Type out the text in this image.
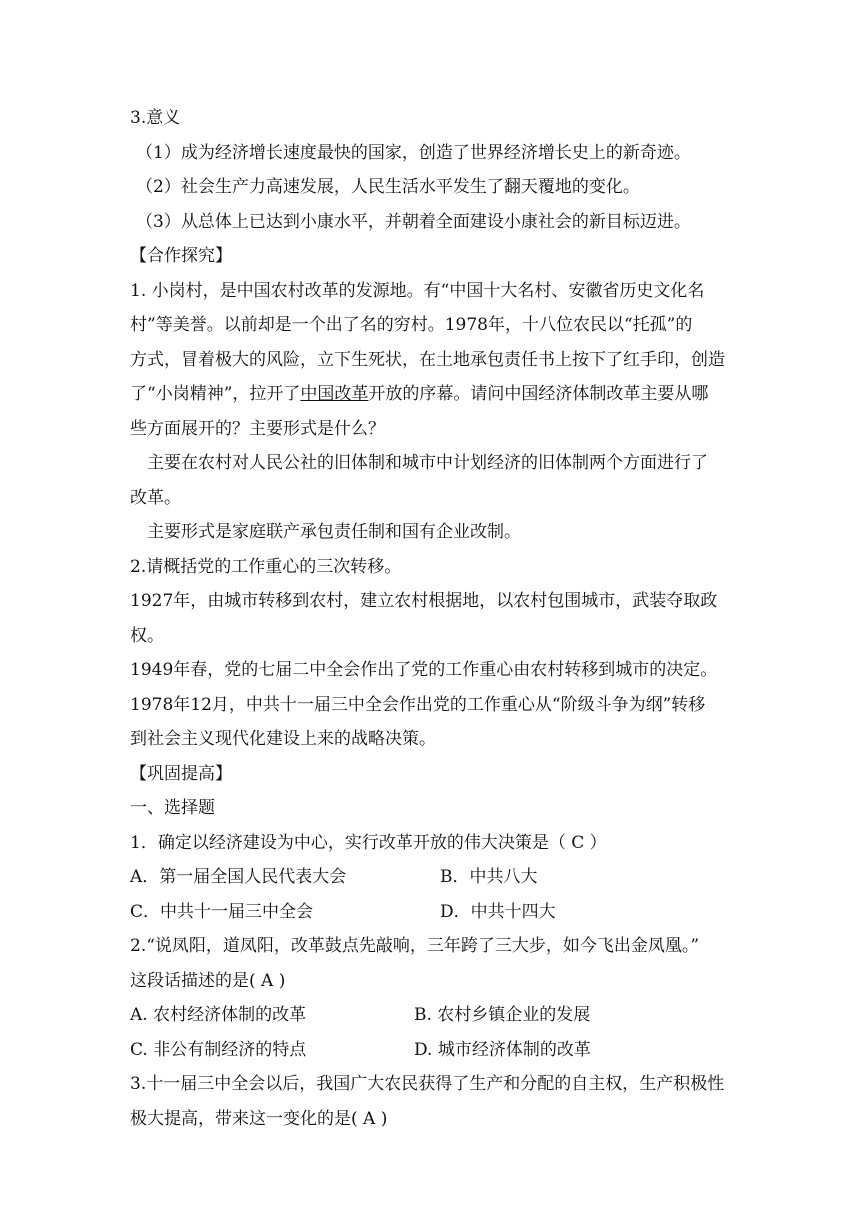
3.意义

（1）成为经济增长速度最快的国家，创造了世界经济增长史上的新奇迹。

（2）社会生产力高速发展，人民生活水平发生了翻天覆地的变化。

（3）从总体上已达到小康水平，并朝着全面建设小康社会的新目标迈进。

【合作探究】

1. 小岗村，是中国农村改革的发源地。有“中国十大名村、安徽省历史文化名

村”等美誉。以前却是一个出了名的穷村。1978年，十八位农民以“托孤”的

方式，冒着极大的风险，立下生死状，在土地承包责任书上按下了红手印，创造

了“小岗精神”，拉开了中国改革开放的序幕。请问中国经济体制改革主要从哪

些方面展开的？主要形式是什么？

主要在农村对人民公社的旧体制和城市中计划经济的旧体制两个方面进行了

改革。

主要形式是家庭联产承包责任制和国有企业改制。

2.请概括党的工作重心的三次转移。

1927年，由城市转移到农村，建立农村根据地，以农村包围城市，武装夺取政

权。

1949年春，党的七届二中全会作出了党的工作重心由农村转移到城市的决定。

1978年12月，中共十一届三中全会作出党的工作重心从“阶级斗争为纲”转移

到社会主义现代化建设上来的战略决策。

【巩固提高】

一、选择题

1．确定以经济建设为中心，实行改革开放的伟大决策是（ C ）

A．第一届全国人民代表大会	B．中共八大
C．中共十一届三中全会	D．中共十四大

2.“说凤阳，道凤阳，改革鼓点先敲响，三年跨了三大步，如今飞出金凤凰。”

这段话描述的是( A )

A. 农村经济体制的改革	B. 农村乡镇企业的发展
C. 非公有制经济的特点	D. 城市经济体制的改革

3.十一届三中全会以后，我国广大农民获得了生产和分配的自主权，生产积极性

极大提高，带来这一变化的是( A )
